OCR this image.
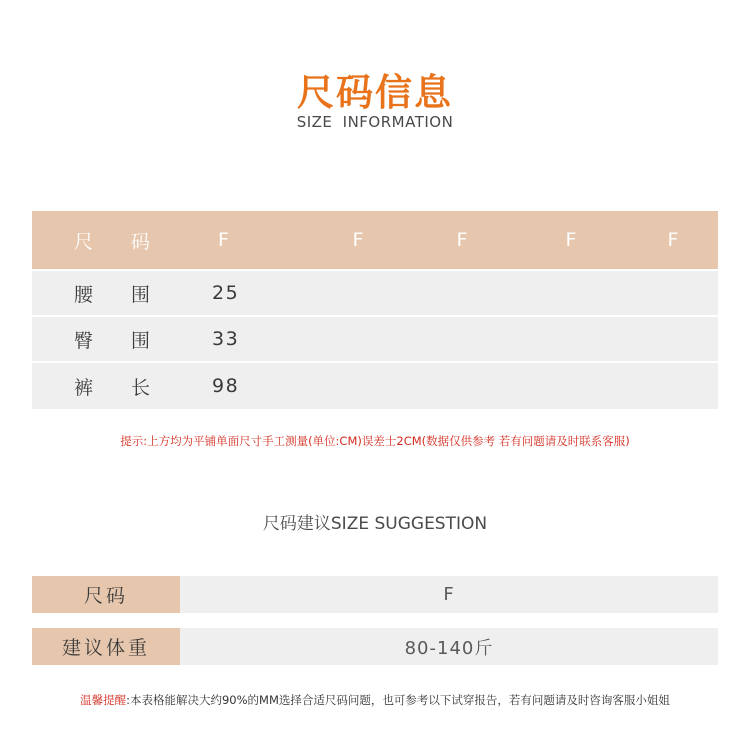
尺码信息
SIZE INFORMATION
尺 码	F	F	F	F	F
腰 围	25				
臀 围	33				
裤 长	98				
提示:上方均为平铺单面尺寸手工测量(单位:CM)误差士2CM(数据仅供参考 若有问题请及时联系客服)
尺码建议SIZE SUGGESTION
尺码	F
建议体重	80-140斤
温馨提醒:本表格能解决大约90%的MM选择合适尺码问题，也可参考以下试穿报告，若有问题请及时咨询客服小姐姐
